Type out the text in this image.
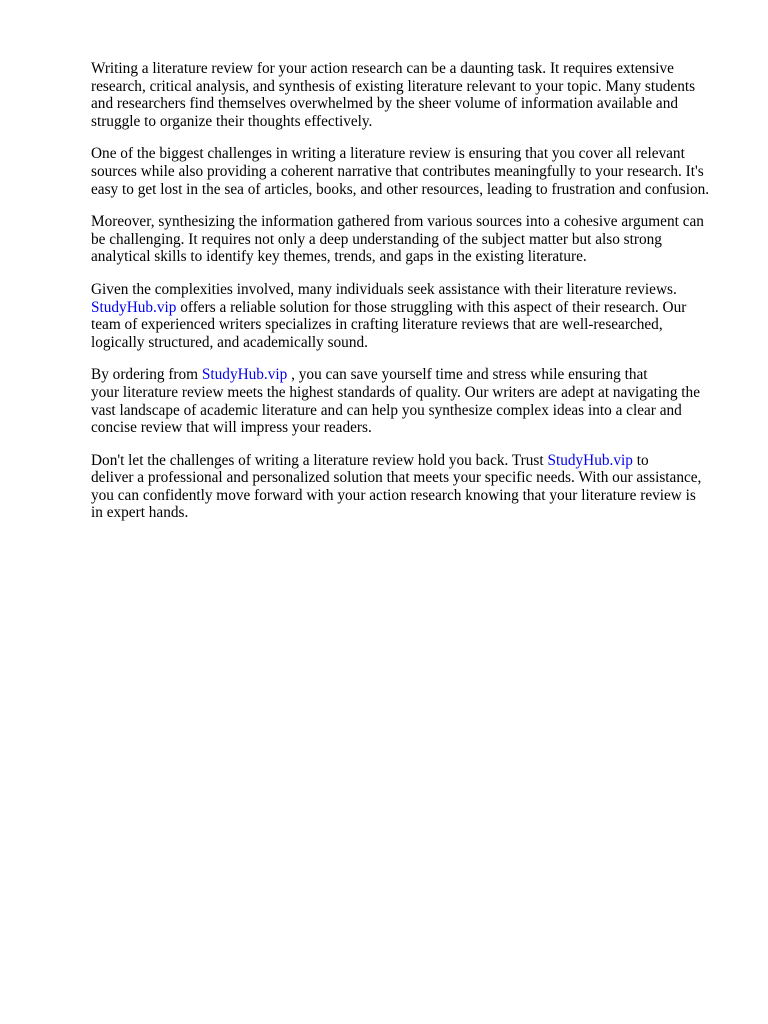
Writing a literature review for your action research can be a daunting task. It requires extensive
research, critical analysis, and synthesis of existing literature relevant to your topic. Many students
and researchers find themselves overwhelmed by the sheer volume of information available and
struggle to organize their thoughts effectively.

One of the biggest challenges in writing a literature review is ensuring that you cover all relevant
sources while also providing a coherent narrative that contributes meaningfully to your research. It's
easy to get lost in the sea of articles, books, and other resources, leading to frustration and confusion.

Moreover, synthesizing the information gathered from various sources into a cohesive argument can
be challenging. It requires not only a deep understanding of the subject matter but also strong
analytical skills to identify key themes, trends, and gaps in the existing literature.

Given the complexities involved, many individuals seek assistance with their literature reviews.
StudyHub.vip offers a reliable solution for those struggling with this aspect of their research. Our
team of experienced writers specializes in crafting literature reviews that are well-researched,
logically structured, and academically sound.

By ordering from StudyHub.vip , you can save yourself time and stress while ensuring that
your literature review meets the highest standards of quality. Our writers are adept at navigating the
vast landscape of academic literature and can help you synthesize complex ideas into a clear and
concise review that will impress your readers.

Don't let the challenges of writing a literature review hold you back. Trust StudyHub.vip to
deliver a professional and personalized solution that meets your specific needs. With our assistance,
you can confidently move forward with your action research knowing that your literature review is
in expert hands.
